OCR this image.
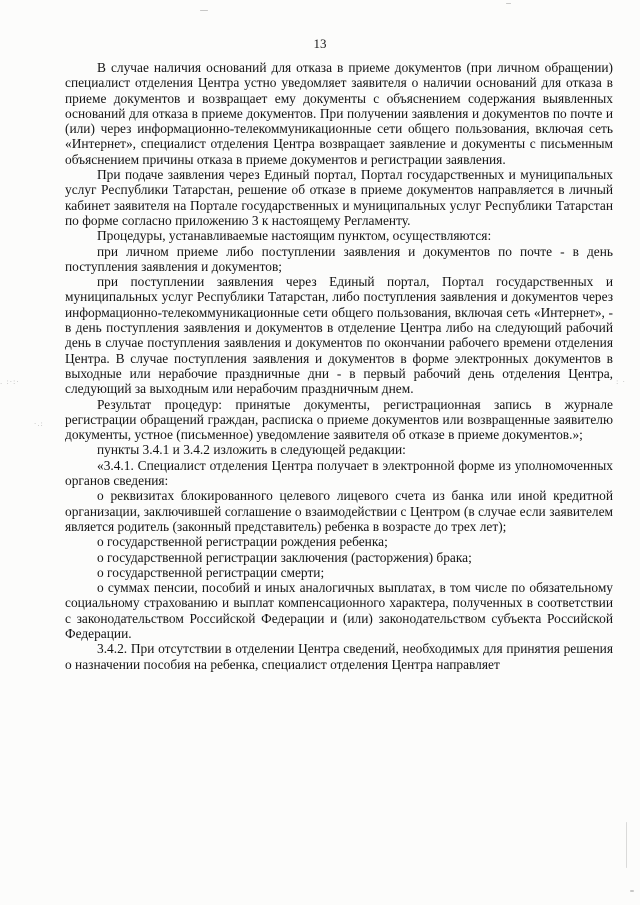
13

В случае наличия оснований для отказа в приеме документов (при личном обращении) специалист отделения Центра устно уведомляет заявителя о наличии оснований для отказа в приеме документов и возвращает ему документы с объяснением содержания выявленных оснований для отказа в приеме документов. При получении заявления и документов по почте и (или) через информационно-телекоммуникационные сети общего пользования, включая сеть «Интернет», специалист отделения Центра возвращает заявление и документы с письменным объяснением причины отказа в приеме документов и регистрации заявления.

При подаче заявления через Единый портал, Портал государственных и муниципальных услуг Республики Татарстан, решение об отказе в приеме документов направляется в личный кабинет заявителя на Портале государственных и муниципальных услуг Республики Татарстан по форме согласно приложению 3 к настоящему Регламенту.

Процедуры, устанавливаемые настоящим пунктом, осуществляются:

при личном приеме либо поступлении заявления и документов по почте - в день поступления заявления и документов;

при поступлении заявления через Единый портал, Портал государственных и муниципальных услуг Республики Татарстан, либо поступления заявления и документов через информационно-телекоммуникационные сети общего пользования, включая сеть «Интернет», - в день поступления заявления и документов в отделение Центра либо на следующий рабочий день в случае поступления заявления и документов по окончании рабочего времени отделения Центра. В случае поступления заявления и документов в форме электронных документов в выходные или нерабочие праздничные дни - в первый рабочий день отделения Центра, следующий за выходным или нерабочим праздничным днем.

Результат процедур: принятые документы, регистрационная запись в журнале регистрации обращений граждан, расписка о приеме документов или возвращенные заявителю документы, устное (письменное) уведомление заявителя об отказе в приеме документов.»;

пункты 3.4.1 и 3.4.2 изложить в следующей редакции:

«3.4.1. Специалист отделения Центра получает в электронной форме из уполномоченных органов сведения:

о реквизитах блокированного целевого лицевого счета из банка или иной кредитной организации, заключившей соглашение о взаимодействии с Центром (в случае если заявителем является родитель (законный представитель) ребенка в возрасте до трех лет);

о государственной регистрации рождения ребенка;

о государственной регистрации заключения (расторжения) брака;

о государственной регистрации смерти;

о суммах пенсии, пособий и иных аналогичных выплатах, в том числе по обязательному социальному страхованию и выплат компенсационного характера, полученных в соответствии с законодательством Российской Федерации и (или) законодательством субъекта Российской Федерации.

3.4.2. При отсутствии в отделении Центра сведений, необходимых для принятия решения о назначении пособия на ребенка, специалист отделения Центра направляет

. :·:·
·.:
: ·
